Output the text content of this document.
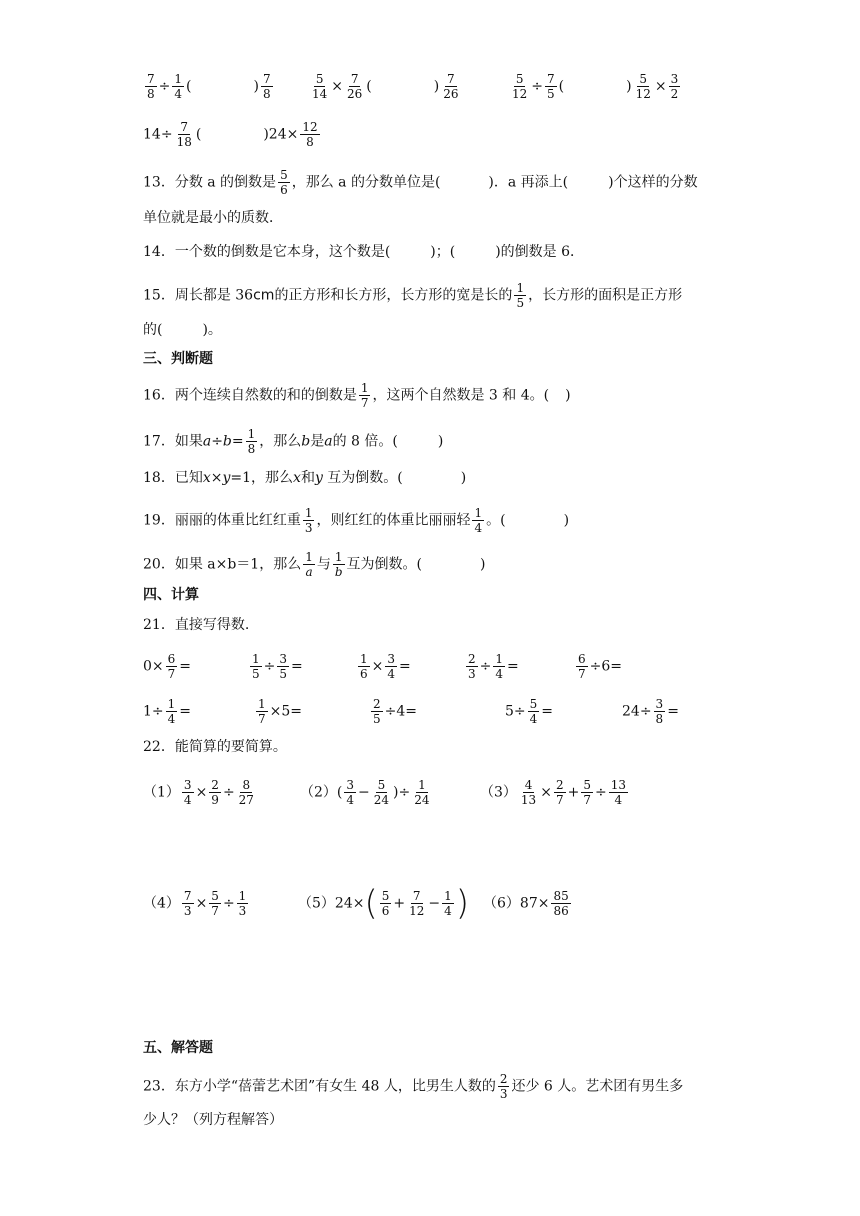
$\frac{7}{8} \div \frac{1}{4}$ (	) $\frac{7}{8}$	$\frac{5}{14} \times \frac{7}{26}$ (	) $\frac{7}{26}$	$\frac{5}{12} \div \frac{7}{5}$ (	) $\frac{5}{12} \times \frac{3}{2}$
$14\div \frac{7}{18}$ (	)$24\times \frac{12}{8}$
13．分数 a 的倒数是 $\frac{5}{6}$ ，那么 a 的分数单位是(	)．a 再添上(	)个这样的分数
单位就是最小的质数．
14．一个数的倒数是它本身，这个数是(	)；(	)的倒数是 6．
15．周长都是 36cm的正方形和长方形，长方形的宽是长的 $\frac{1}{5}$ ，长方形的面积是正方形
的(	)。
三、判断题
16．两个连续自然数的和的倒数是 $\frac{1}{7}$ ，这两个自然数是 3 和 4。( )
17．如果$a\div b= \frac{1}{8}$ ，那么b是a的 8 倍。(	)
18．已知x×y=1，那么x和y 互为倒数。(	)
19．丽丽的体重比红红重 $\frac{1}{3}$ ，则红红的体重比丽丽轻 $\frac{1}{4}$ 。(	)
20．如果 a×b＝1，那么 $\frac{1}{a}$ 与 $\frac{1}{b}$ 互为倒数。(	)
四、计算
21．直接写得数.
$0\times \frac{6}{7}$ =	$\frac{1}{5} \div \frac{3}{5}$ =	$\frac{1}{6} \times \frac{3}{4}$ =	$\frac{2}{3} \div \frac{1}{4}$ =	$\frac{6}{7} \div 6=$
$1\div \frac{1}{4}$ =	$\frac{1}{7} \times 5=$	$\frac{2}{5} \div 4=$	$5\div \frac{5}{4}$ =	$24\div \frac{3}{8}$ =
22．能简算的要简算。
$(1) \frac{3}{4} \times \frac{2}{9} \div \frac{8}{27}$	$(2)( \frac{3}{4} - \frac{5}{24}$ )÷ $\frac{1}{24}$	$(3) \frac{4}{13} \times \frac{2}{7} + \frac{5}{7} \div \frac{13}{4}$
$(4) \frac{7}{3} \times \frac{5}{7} \div \frac{1}{3}$	$(5)24\times( \frac{5}{6} + \frac{7}{12} - \frac{1}{4}$ ) $(6)87\times \frac{85}{86}$
五、解答题
23．东方小学“蓓蕾艺术团”有女生 48 人，比男生人数的 $\frac{2}{3}$ 还少 6 人。艺术团有男生多
少人？（列方程解答）
